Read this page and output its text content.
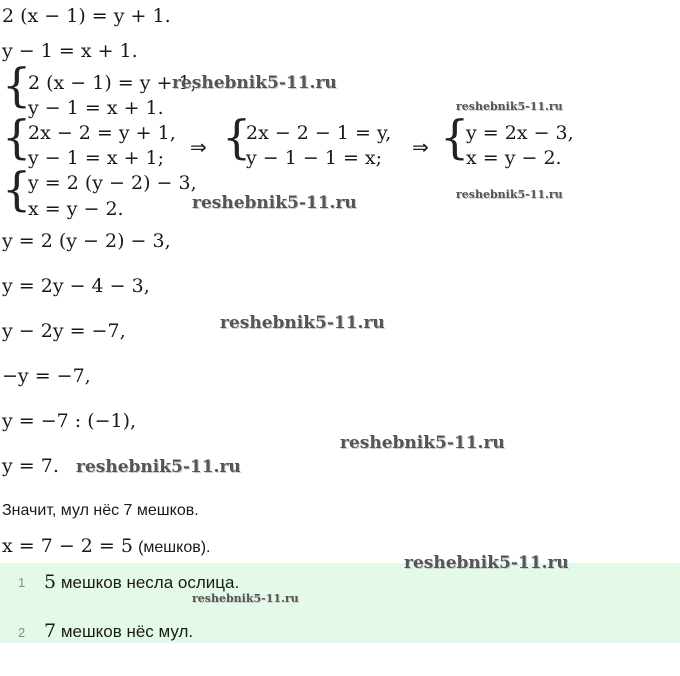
2 (x − 1) = y + 1.
y − 1 = x + 1.
{
2 (x − 1) = y + 1,
y − 1 = x + 1.
{
2x − 2 = y + 1,
y − 1 = x + 1; ⇒ {
2x − 2 − 1 = y,
y − 1 − 1 = x; ⇒ {
y = 2x − 3,
x = y − 2.
{
y = 2 (y − 2) − 3,
x = y − 2.
y = 2 (y − 2) − 3,
y = 2y − 4 − 3,
y − 2y = −7,
−y = −7,
y = −7 : (−1),
y = 7.
Значит, мул нёс 7 мешков.
x = 7 − 2 = 5 (мешков).
1 5 мешков несла ослица.
2 7 мешков нёс мул.
reshebnik5-11.ru
reshebnik5-11.ru
reshebnik5-11.ru
reshebnik5-11.ru
reshebnik5-11.ru
reshebnik5-11.ru
reshebnik5-11.ru
reshebnik5-11.ru
reshebnik5-11.ru
